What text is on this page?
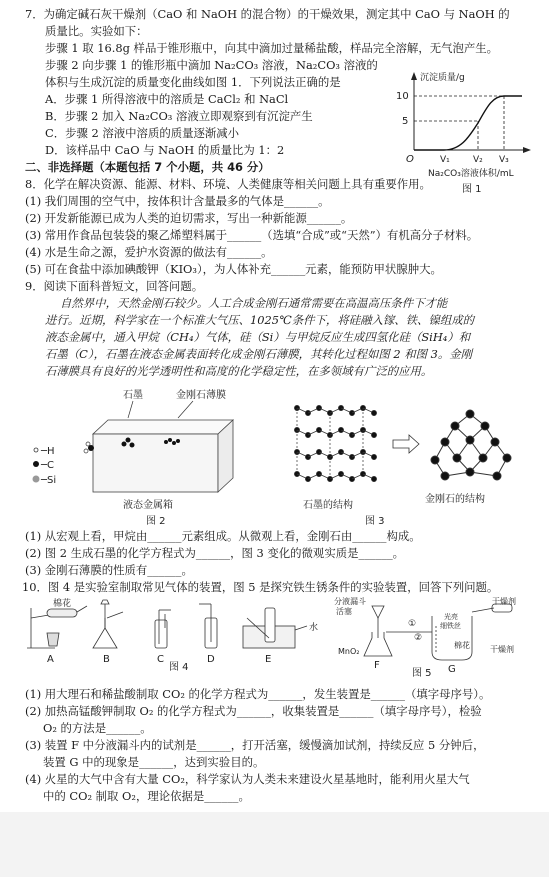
7．为确定碱石灰干燥剂（CaO 和 NaOH 的混合物）的干燥效果，测定其中 CaO 与 NaOH 的
质量比。实验如下：
步骤 1 取 16.8g 样品于锥形瓶中，向其中滴加过量稀盐酸，样品完全溶解，无气泡产生。
步骤 2 向步骤 1 的锥形瓶中滴加 Na₂CO₃ 溶液，Na₂CO₃ 溶液的
体积与生成沉淀的质量变化曲线如图 1．下列说法正确的是
A．步骤 1 所得溶液中的溶质是 CaCl₂ 和 NaCl
B．步骤 2 加入 Na₂CO₃ 溶液立即观察到有沉淀产生
C．步骤 2 溶液中溶质的质量逐渐减小
D．该样品中 CaO 与 NaOH 的质量比为 1：2
沉淀质量/g
O
10
5
V₁	V₂ V₃
Na₂CO₃溶液体积/mL
图 1
二、非选择题（本题包括 7 个小题，共 46 分）
8．化学在解决资源、能源、材料、环境、人类健康等相关问题上具有重要作用。
(1) 我们周围的空气中，按体积计含量最多的气体是______。
(2) 开发新能源已成为人类的迫切需求，写出一种新能源______。
(3) 常用作食品包装袋的聚乙烯塑料属于______（选填“合成”或“天然”）有机高分子材料。
(4) 水是生命之源，爱护水资源的做法有______。
(5) 可在食盐中添加碘酸钾（KIO₃），为人体补充______元素，能预防甲状腺肿大。
9．阅读下面科普短文，回答问题。
自然界中，天然金刚石较少。人工合成金刚石通常需要在高温高压条件下才能
进行。近期，科学家在一个标准大气压、1025℃条件下，将硅融入镓、铁、镍组成的
液态金属中，通入甲烷（CH₄）气体，硅（Si）与甲烷反应生成四氢化硅（SiH₄）和
石墨（C），石墨在液态金属表面转化成金刚石薄膜，其转化过程如图 2 和图 3。金刚
石薄膜具有良好的光学透明性和高度的化学稳定性，在多领域有广泛的应用。
石墨	金刚石薄膜
─H
─C
─Si
液态金属箱
图 2
石墨的结构
金刚石的结构
图 3
(1) 从宏观上看，甲烷由______元素组成。从微观上看，金刚石由______构成。
(2) 图 2 生成石墨的化学方程式为______，图 3 变化的微观实质是______。
(3) 金刚石薄膜的性质有______。
10．图 4 是实验室制取常见气体的装置，图 5 是探究铁生锈条件的实验装置，回答下列问题。
棉花
水
A	B	C	D	E
图 4
分液漏斗
活塞
干燥剂
光亮
细铁丝
①
②
棉花	干燥剂
MnO₂
F	G
图 5
(1) 用大理石和稀盐酸制取 CO₂ 的化学方程式为______，发生装置是______（填字母序号）。
(2) 加热高锰酸钾制取 O₂ 的化学方程式为______，收集装置是______（填字母序号），检验
O₂ 的方法是______。
(3) 装置 F 中分液漏斗内的试剂是______，打开活塞，缓慢滴加试剂，持续反应 5 分钟后，
装置 G 中的现象是______，达到实验目的。
(4) 火星的大气中含有大量 CO₂，科学家认为人类未来建设火星基地时，能利用火星大气
中的 CO₂ 制取 O₂，理论依据是______。
